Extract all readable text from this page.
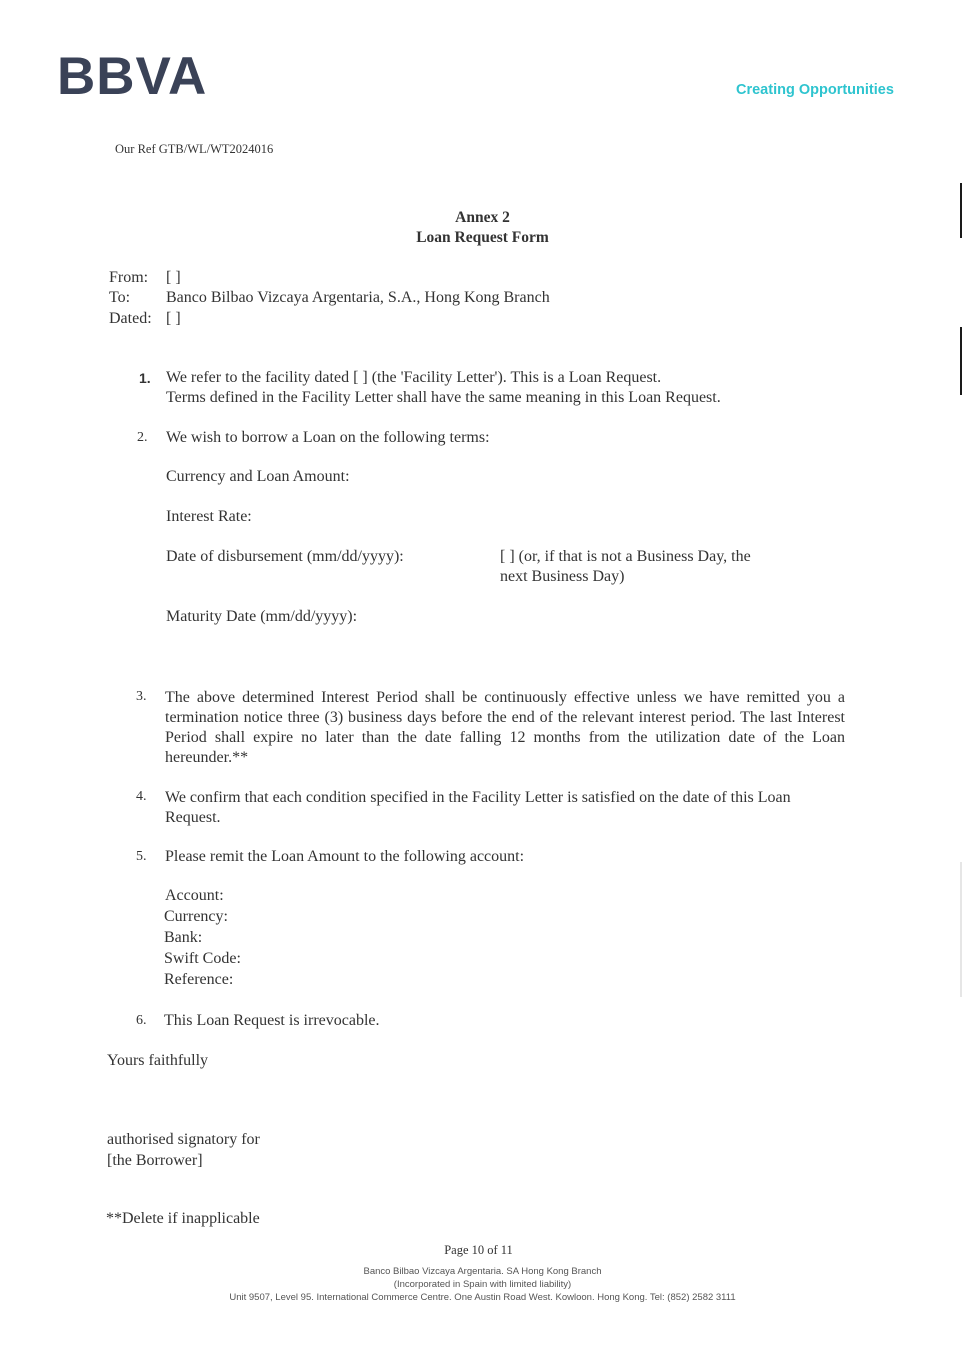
BBVA	Creating Opportunities
Our Ref GTB/WL/WT2024016
Annex 2
Loan Request Form
From: [ ]
To: Banco Bilbao Vizcaya Argentaria, S.A., Hong Kong Branch
Dated: [ ]
1. We refer to the facility dated [ ] (the 'Facility Letter'). This is a Loan Request.
Terms defined in the Facility Letter shall have the same meaning in this Loan Request.
2. We wish to borrow a Loan on the following terms:
Currency and Loan Amount:
Interest Rate:
Date of disbursement (mm/dd/yyyy):	[ ] (or, if that is not a Business Day, the
next Business Day)
Maturity Date (mm/dd/yyyy):
3. The above determined Interest Period shall be continuously effective unless we have remitted you a termination notice three (3) business days before the end of the relevant interest period. The last Interest Period shall expire no later than the date falling 12 months from the utilization date of the Loan hereunder.**
4. We confirm that each condition specified in the Facility Letter is satisfied on the date of this Loan Request.
5. Please remit the Loan Amount to the following account:
Account:
Currency:
Bank:
Swift Code:
Reference:
6. This Loan Request is irrevocable.
Yours faithfully
authorised signatory for
[the Borrower]
**Delete if inapplicable
Page 10 of 11
Banco Bilbao Vizcaya Argentaria. SA Hong Kong Branch
(Incorporated in Spain with limited liability)
Unit 9507, Level 95. International Commerce Centre. One Austin Road West. Kowloon. Hong Kong. Tel: (852) 2582 3111
